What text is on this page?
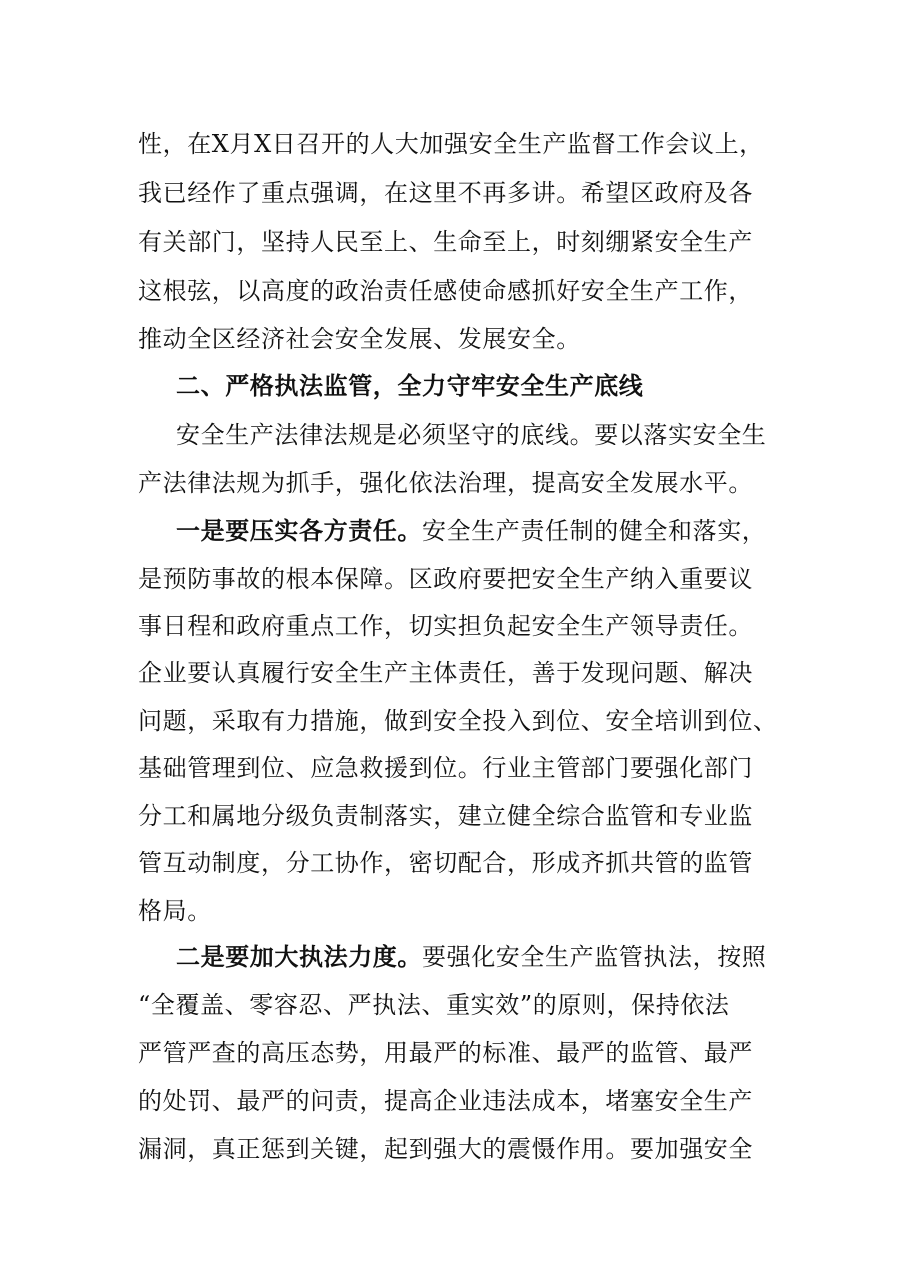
性，在X月X日召开的人大加强安全生产监督工作会议上，
我已经作了重点强调，在这里不再多讲。希望区政府及各
有关部门，坚持人民至上、生命至上，时刻绷紧安全生产
这根弦，以高度的政治责任感使命感抓好安全生产工作，
推动全区经济社会安全发展、发展安全。
二、严格执法监管，全力守牢安全生产底线
安全生产法律法规是必须坚守的底线。要以落实安全生
产法律法规为抓手，强化依法治理，提高安全发展水平。
一是要压实各方责任。安全生产责任制的健全和落实，
是预防事故的根本保障。区政府要把安全生产纳入重要议
事日程和政府重点工作，切实担负起安全生产领导责任。
企业要认真履行安全生产主体责任，善于发现问题、解决
问题，采取有力措施，做到安全投入到位、安全培训到位、
基础管理到位、应急救援到位。行业主管部门要强化部门
分工和属地分级负责制落实，建立健全综合监管和专业监
管互动制度，分工协作，密切配合，形成齐抓共管的监管
格局。
二是要加大执法力度。要强化安全生产监管执法，按照
“全覆盖、零容忍、严执法、重实效”的原则，保持依法
严管严查的高压态势，用最严的标准、最严的监管、最严
的处罚、最严的问责，提高企业违法成本，堵塞安全生产
漏洞，真正惩到关键，起到强大的震慑作用。要加强安全
